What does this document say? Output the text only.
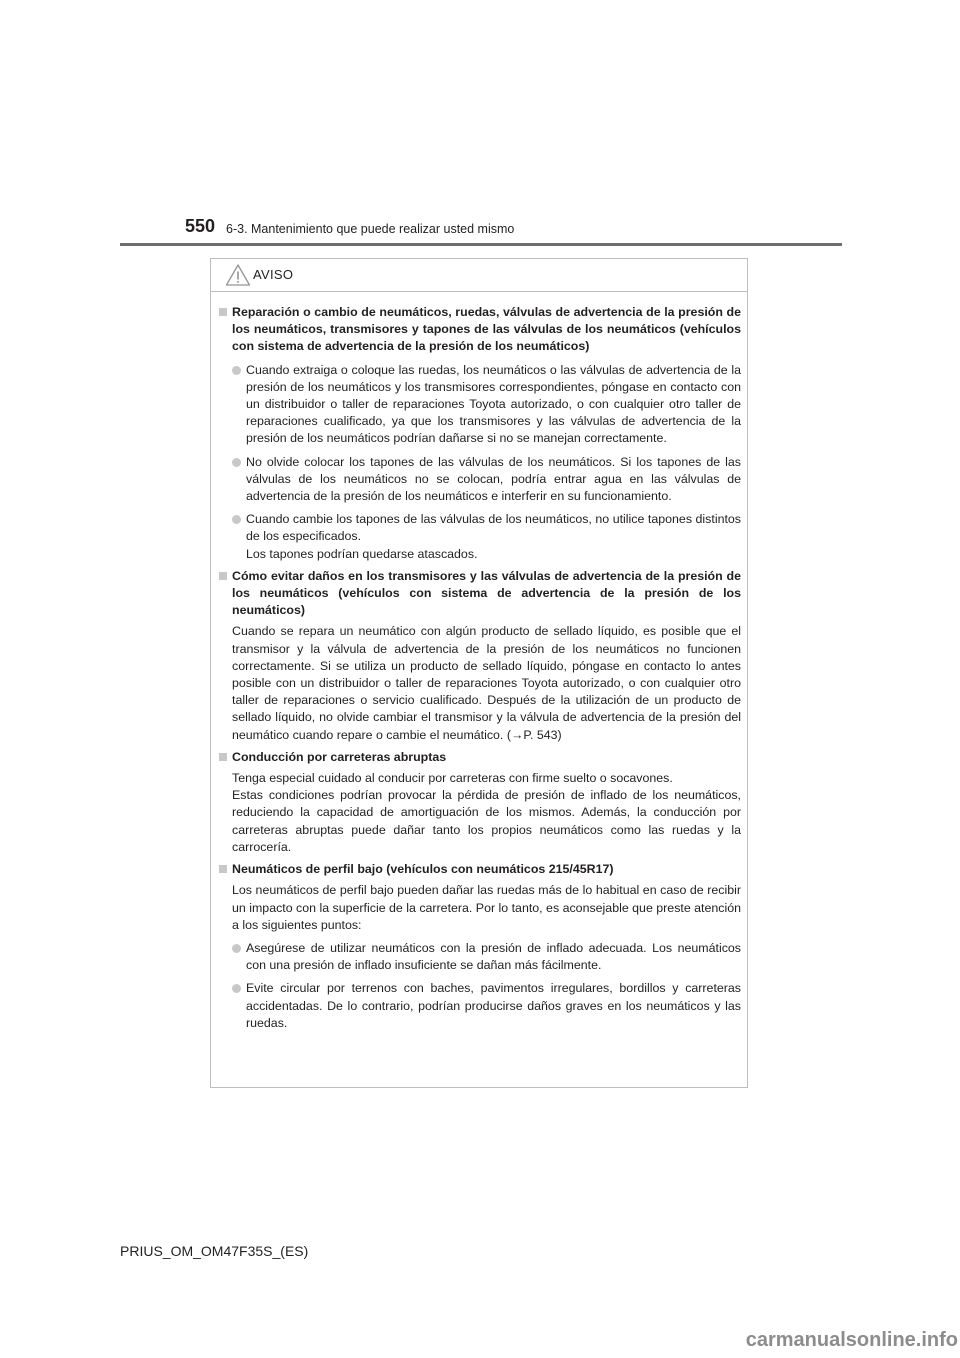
550 6-3. Mantenimiento que puede realizar usted mismo
AVISO
Reparación o cambio de neumáticos, ruedas, válvulas de advertencia de la presión de los neumáticos, transmisores y tapones de las válvulas de los neumáticos (vehículos con sistema de advertencia de la presión de los neumáticos)
Cuando extraiga o coloque las ruedas, los neumáticos o las válvulas de advertencia de la presión de los neumáticos y los transmisores correspondientes, póngase en contacto con un distribuidor o taller de reparaciones Toyota autorizado, o con cualquier otro taller de reparaciones cualificado, ya que los transmisores y las válvulas de advertencia de la presión de los neumáticos podrían dañarse si no se manejan correctamente.
No olvide colocar los tapones de las válvulas de los neumáticos. Si los tapones de las válvulas de los neumáticos no se colocan, podría entrar agua en las válvulas de advertencia de la presión de los neumáticos e interferir en su funcionamiento.
Cuando cambie los tapones de las válvulas de los neumáticos, no utilice tapones distintos de los especificados.
Los tapones podrían quedarse atascados.
Cómo evitar daños en los transmisores y las válvulas de advertencia de la presión de los neumáticos (vehículos con sistema de advertencia de la presión de los neumáticos)
Cuando se repara un neumático con algún producto de sellado líquido, es posible que el transmisor y la válvula de advertencia de la presión de los neumáticos no funcionen correctamente. Si se utiliza un producto de sellado líquido, póngase en contacto lo antes posible con un distribuidor o taller de reparaciones Toyota autorizado, o con cualquier otro taller de reparaciones o servicio cualificado. Después de la utilización de un producto de sellado líquido, no olvide cambiar el transmisor y la válvula de advertencia de la presión del neumático cuando repare o cambie el neumático. (→P. 543)
Conducción por carreteras abruptas
Tenga especial cuidado al conducir por carreteras con firme suelto o socavones.
Estas condiciones podrían provocar la pérdida de presión de inflado de los neumáticos, reduciendo la capacidad de amortiguación de los mismos. Además, la conducción por carreteras abruptas puede dañar tanto los propios neumáticos como las ruedas y la carrocería.
Neumáticos de perfil bajo (vehículos con neumáticos 215/45R17)
Los neumáticos de perfil bajo pueden dañar las ruedas más de lo habitual en caso de recibir un impacto con la superficie de la carretera. Por lo tanto, es aconsejable que preste atención a los siguientes puntos:
Asegúrese de utilizar neumáticos con la presión de inflado adecuada. Los neumáticos con una presión de inflado insuficiente se dañan más fácilmente.
Evite circular por terrenos con baches, pavimentos irregulares, bordillos y carreteras accidentadas. De lo contrario, podrían producirse daños graves en los neumáticos y las ruedas.
PRIUS_OM_OM47F35S_(ES)
carmanualsonline.info
